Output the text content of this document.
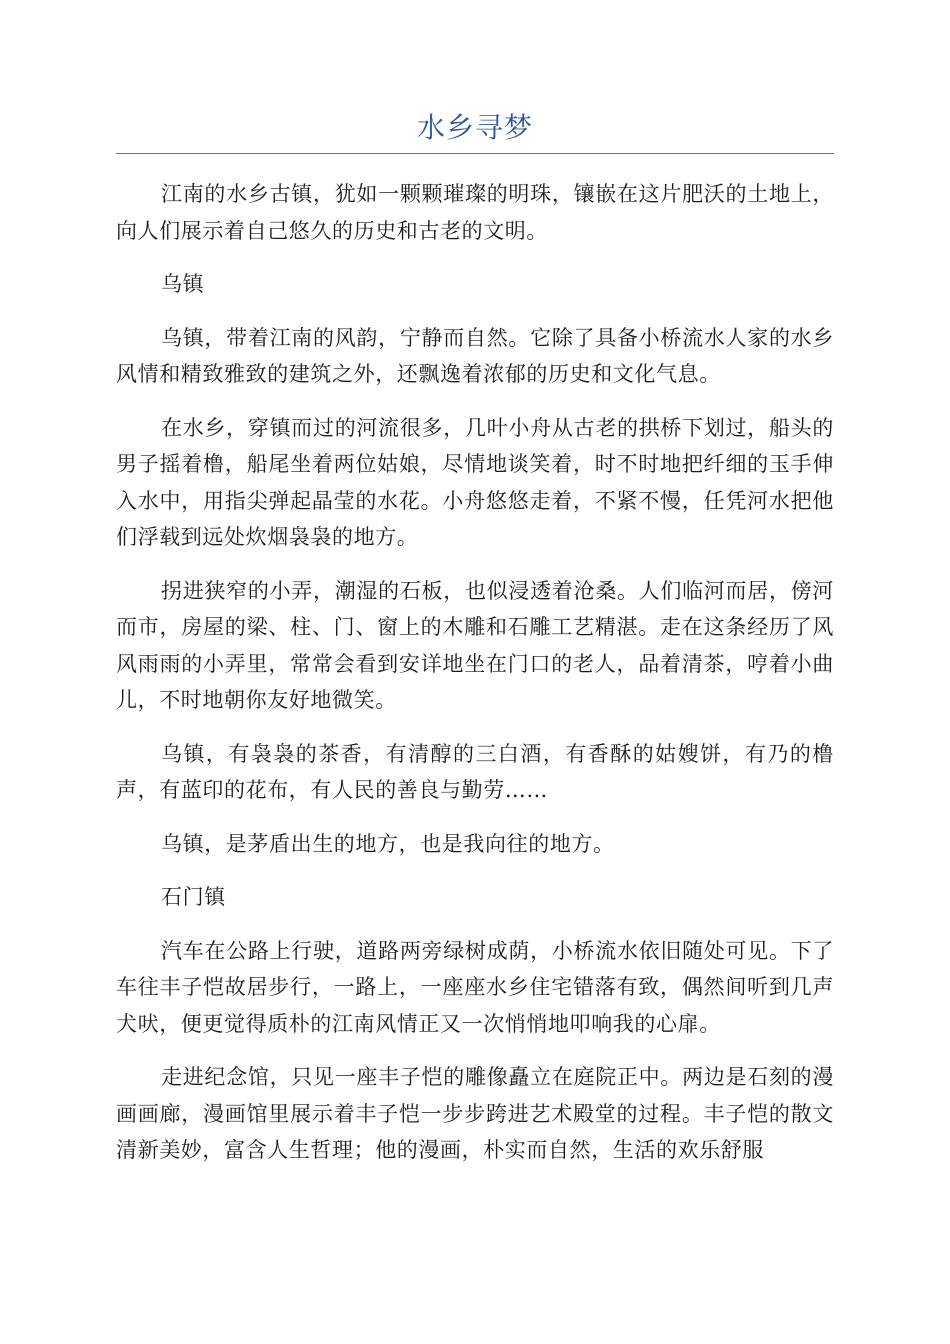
水乡寻梦

江南的水乡古镇，犹如一颗颗璀璨的明珠，镶嵌在这片肥沃的土地上，向人们展示着自己悠久的历史和古老的文明。

乌镇

乌镇，带着江南的风韵，宁静而自然。它除了具备小桥流水人家的水乡风情和精致雅致的建筑之外，还飘逸着浓郁的历史和文化气息。

在水乡，穿镇而过的河流很多，几叶小舟从古老的拱桥下划过，船头的男子摇着橹，船尾坐着两位姑娘，尽情地谈笑着，时不时地把纤细的玉手伸入水中，用指尖弹起晶莹的水花。小舟悠悠走着，不紧不慢，任凭河水把他们浮载到远处炊烟袅袅的地方。

拐进狭窄的小弄，潮湿的石板，也似浸透着沧桑。人们临河而居，傍河而市，房屋的梁、柱、门、窗上的木雕和石雕工艺精湛。走在这条经历了风风雨雨的小弄里，常常会看到安详地坐在门口的老人，品着清茶，哼着小曲儿，不时地朝你友好地微笑。

乌镇，有袅袅的茶香，有清醇的三白酒，有香酥的姑嫂饼，有乃的橹声，有蓝印的花布，有人民的善良与勤劳……

乌镇，是茅盾出生的地方，也是我向往的地方。

石门镇

汽车在公路上行驶，道路两旁绿树成荫，小桥流水依旧随处可见。下了车往丰子恺故居步行，一路上，一座座水乡住宅错落有致，偶然间听到几声犬吠，便更觉得质朴的江南风情正又一次悄悄地叩响我的心扉。

走进纪念馆，只见一座丰子恺的雕像矗立在庭院正中。两边是石刻的漫画画廊，漫画馆里展示着丰子恺一步步跨进艺术殿堂的过程。丰子恺的散文清新美妙，富含人生哲理；他的漫画，朴实而自然，生活的欢乐舒服
